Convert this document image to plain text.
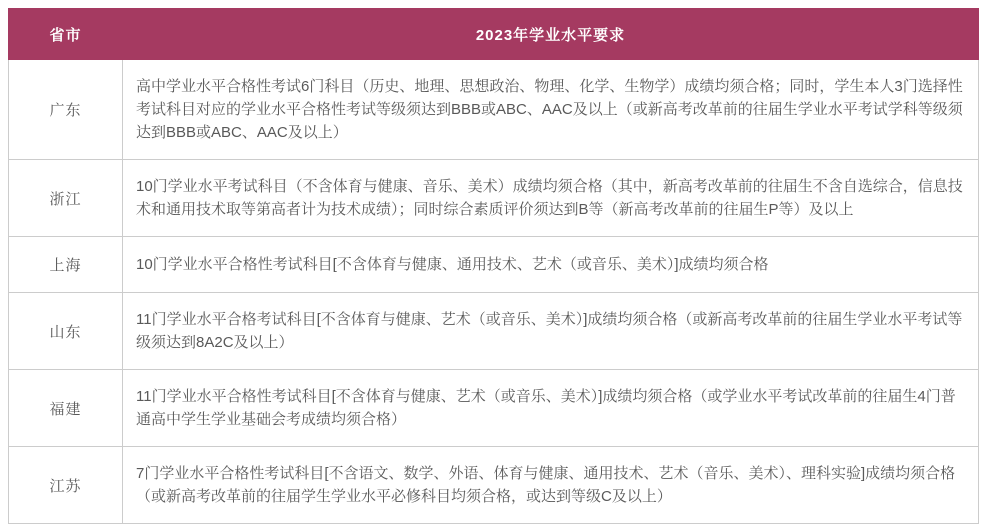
省市	2023年学业水平要求
广东	高中学业水平合格性考试6门科目（历史、地理、思想政治、物理、化学、生物学）成绩均须合格；同时，学生本人3门选择性考试科目对应的学业水平合格性考试等级须达到BBB或ABC、AAC及以上（或新高考改革前的往届生学业水平考试学科等级须达到BBB或ABC、AAC及以上）
浙江	10门学业水平考试科目（不含体育与健康、音乐、美术）成绩均须合格（其中，新高考改革前的往届生不含自选综合，信息技术和通用技术取等第高者计为技术成绩）；同时综合素质评价须达到B等（新高考改革前的往届生P等）及以上
上海	10门学业水平合格性考试科目[不含体育与健康、通用技术、艺术（或音乐、美术）]成绩均须合格
山东	11门学业水平合格考试科目[不含体育与健康、艺术（或音乐、美术）]成绩均须合格（或新高考改革前的往届生学业水平考试等级须达到8A2C及以上）
福建	11门学业水平合格性考试科目[不含体育与健康、艺术（或音乐、美术）]成绩均须合格（或学业水平考试改革前的往届生4门普通高中学生学业基础会考成绩均须合格）
江苏	7门学业水平合格性考试科目[不含语文、数学、外语、体育与健康、通用技术、艺术（音乐、美术）、理科实验]成绩均须合格（或新高考改革前的往届学生学业水平必修科目均须合格，或达到等级C及以上）
